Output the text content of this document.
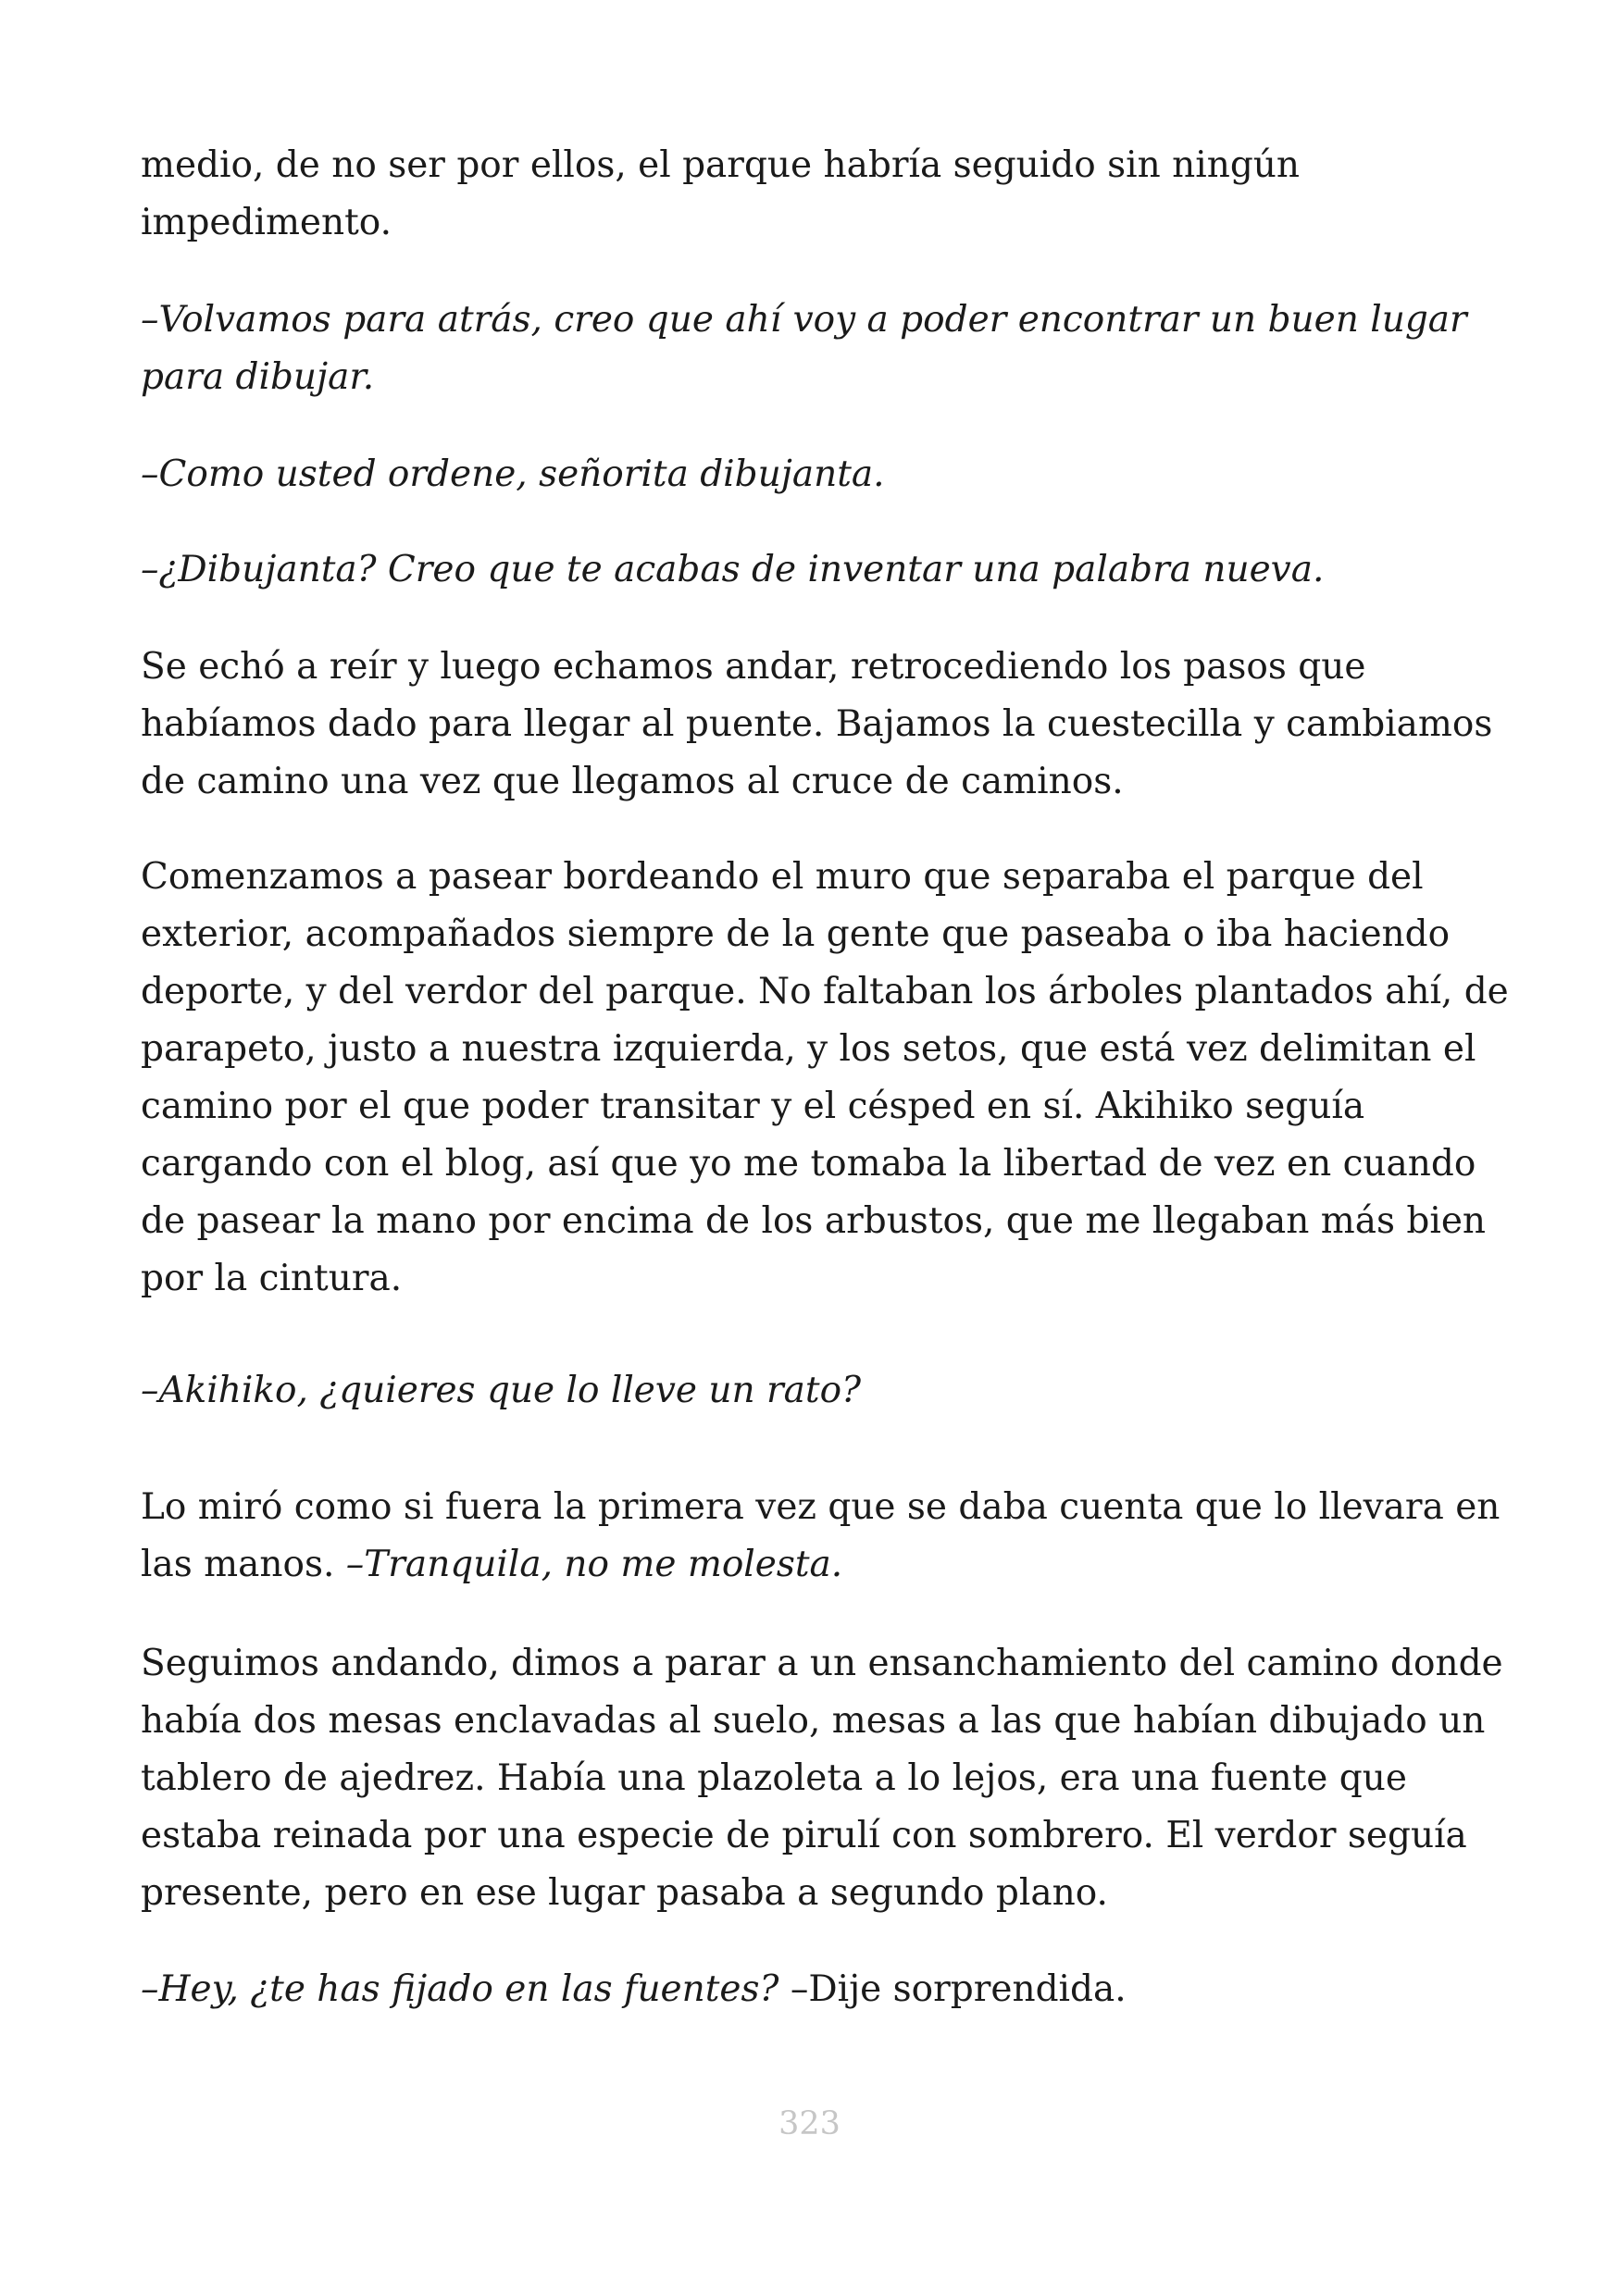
medio, de no ser por ellos, el parque habría seguido sin ningún
impedimento.

–Volvamos para atrás, creo que ahí voy a poder encontrar un buen lugar
para dibujar.

–Como usted ordene, señorita dibujanta.

–¿Dibujanta? Creo que te acabas de inventar una palabra nueva.

Se echó a reír y luego echamos andar, retrocediendo los pasos que
habíamos dado para llegar al puente. Bajamos la cuestecilla y cambiamos
de camino una vez que llegamos al cruce de caminos.

Comenzamos a pasear bordeando el muro que separaba el parque del
exterior, acompañados siempre de la gente que paseaba o iba haciendo
deporte, y del verdor del parque. No faltaban los árboles plantados ahí, de
parapeto, justo a nuestra izquierda, y los setos, que está vez delimitan el
camino por el que poder transitar y el césped en sí. Akihiko seguía
cargando con el blog, así que yo me tomaba la libertad de vez en cuando
de pasear la mano por encima de los arbustos, que me llegaban más bien
por la cintura.

–Akihiko, ¿quieres que lo lleve un rato?

Lo miró como si fuera la primera vez que se daba cuenta que lo llevara en
las manos. –Tranquila, no me molesta.

Seguimos andando, dimos a parar a un ensanchamiento del camino donde
había dos mesas enclavadas al suelo, mesas a las que habían dibujado un
tablero de ajedrez. Había una plazoleta a lo lejos, era una fuente que
estaba reinada por una especie de pirulí con sombrero. El verdor seguía
presente, pero en ese lugar pasaba a segundo plano.

–Hey, ¿te has fijado en las fuentes? –Dije sorprendida.

323
